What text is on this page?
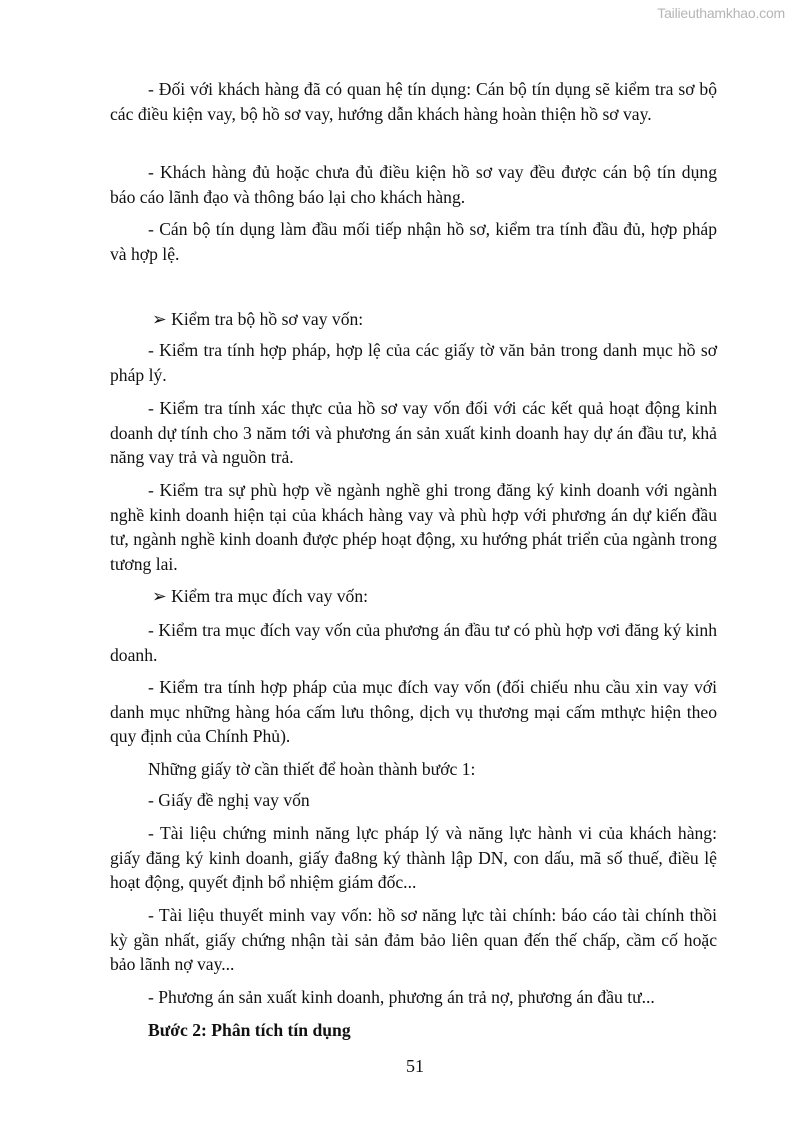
Tailieuthamkhao.com

- Đối với khách hàng đã có quan hệ tín dụng: Cán bộ tín dụng sẽ kiểm tra sơ bộ các điều kiện vay, bộ hồ sơ vay, hướng dẫn khách hàng hoàn thiện hồ sơ vay.

- Khách hàng đủ hoặc chưa đủ điều kiện hồ sơ vay đều được cán bộ tín dụng báo cáo lãnh đạo và thông báo lại cho khách hàng.

- Cán bộ tín dụng làm đầu mối tiếp nhận hồ sơ, kiểm tra tính đầu đủ, hợp pháp và hợp lệ.

➢ Kiểm tra bộ hồ sơ vay vốn:

- Kiểm tra tính hợp pháp, hợp lệ của các giấy tờ văn bản trong danh mục hồ sơ pháp lý.

- Kiểm tra tính xác thực của hồ sơ vay vốn đối với các kết quả hoạt động kinh doanh dự tính cho 3 năm tới và phương án sản xuất kinh doanh hay dự án đầu tư, khả năng vay trả và nguồn trả.

- Kiểm tra sự phù hợp về ngành nghề ghi trong đăng ký kinh doanh với ngành nghề kinh doanh hiện tại của khách hàng vay và phù hợp với phương án dự kiến đầu tư, ngành nghề kinh doanh được phép hoạt động, xu hướng phát triển của ngành trong tương lai.

➢ Kiểm tra mục đích vay vốn:

- Kiểm tra mục đích vay vốn của phương án đầu tư có phù hợp vơi đăng ký kinh doanh.

- Kiểm tra tính hợp pháp của mục đích vay vốn (đối chiếu nhu cầu xin vay với danh mục những hàng hóa cấm lưu thông, dịch vụ thương mại cấm mthực hiện theo quy định của Chính Phủ).

Những giấy tờ cần thiết để hoàn thành bước 1:

- Giấy đề nghị vay vốn

- Tài liệu chứng minh năng lực pháp lý và năng lực hành vi của khách hàng: giấy đăng ký kinh doanh, giấy đa8ng ký thành lập DN, con dấu, mã số thuế, điều lệ hoạt động, quyết định bổ nhiệm giám đốc...

- Tài liệu thuyết minh vay vốn: hồ sơ năng lực tài chính: báo cáo tài chính thồi kỳ gần nhất, giấy chứng nhận tài sản đảm bảo liên quan đến thế chấp, cầm cố hoặc bảo lãnh nợ vay...

- Phương án sản xuất kinh doanh, phương án trả nợ, phương án đầu tư...

Bước 2: Phân tích tín dụng

51
